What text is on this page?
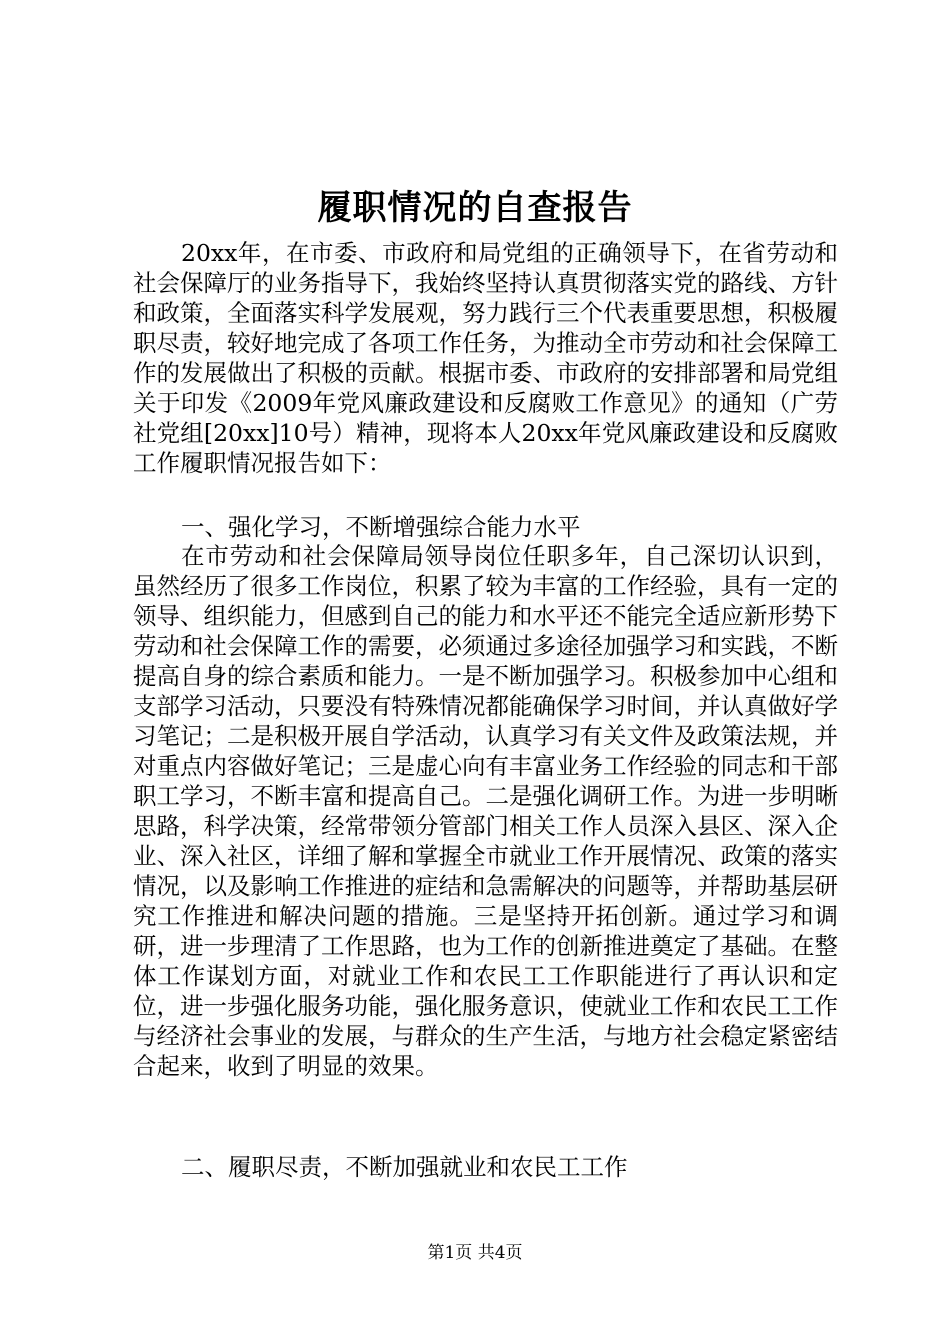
履职情况的自查报告

20xx年，在市委、市政府和局党组的正确领导下，在省劳动和社会保障厅的业务指导下，我始终坚持认真贯彻落实党的路线、方针和政策，全面落实科学发展观，努力践行三个代表重要思想，积极履职尽责，较好地完成了各项工作任务，为推动全市劳动和社会保障工作的发展做出了积极的贡献。根据市委、市政府的安排部署和局党组关于印发《2009年党风廉政建设和反腐败工作意见》的通知（广劳社党组[20xx]10号）精神，现将本人20xx年党风廉政建设和反腐败工作履职情况报告如下：

一、强化学习，不断增强综合能力水平

在市劳动和社会保障局领导岗位任职多年，自己深切认识到，虽然经历了很多工作岗位，积累了较为丰富的工作经验，具有一定的领导、组织能力，但感到自己的能力和水平还不能完全适应新形势下劳动和社会保障工作的需要，必须通过多途径加强学习和实践，不断提高自身的综合素质和能力。一是不断加强学习。积极参加中心组和支部学习活动，只要没有特殊情况都能确保学习时间，并认真做好学习笔记；二是积极开展自学活动，认真学习有关文件及政策法规，并对重点内容做好笔记；三是虚心向有丰富业务工作经验的同志和干部职工学习，不断丰富和提高自己。二是强化调研工作。为进一步明晰思路，科学决策，经常带领分管部门相关工作人员深入县区、深入企业、深入社区，详细了解和掌握全市就业工作开展情况、政策的落实情况，以及影响工作推进的症结和急需解决的问题等，并帮助基层研究工作推进和解决问题的措施。三是坚持开拓创新。通过学习和调研，进一步理清了工作思路，也为工作的创新推进奠定了基础。在整体工作谋划方面，对就业工作和农民工工作职能进行了再认识和定位，进一步强化服务功能，强化服务意识，使就业工作和农民工工作与经济社会事业的发展，与群众的生产生活，与地方社会稳定紧密结合起来，收到了明显的效果。

二、履职尽责，不断加强就业和农民工工作

第1页 共4页
